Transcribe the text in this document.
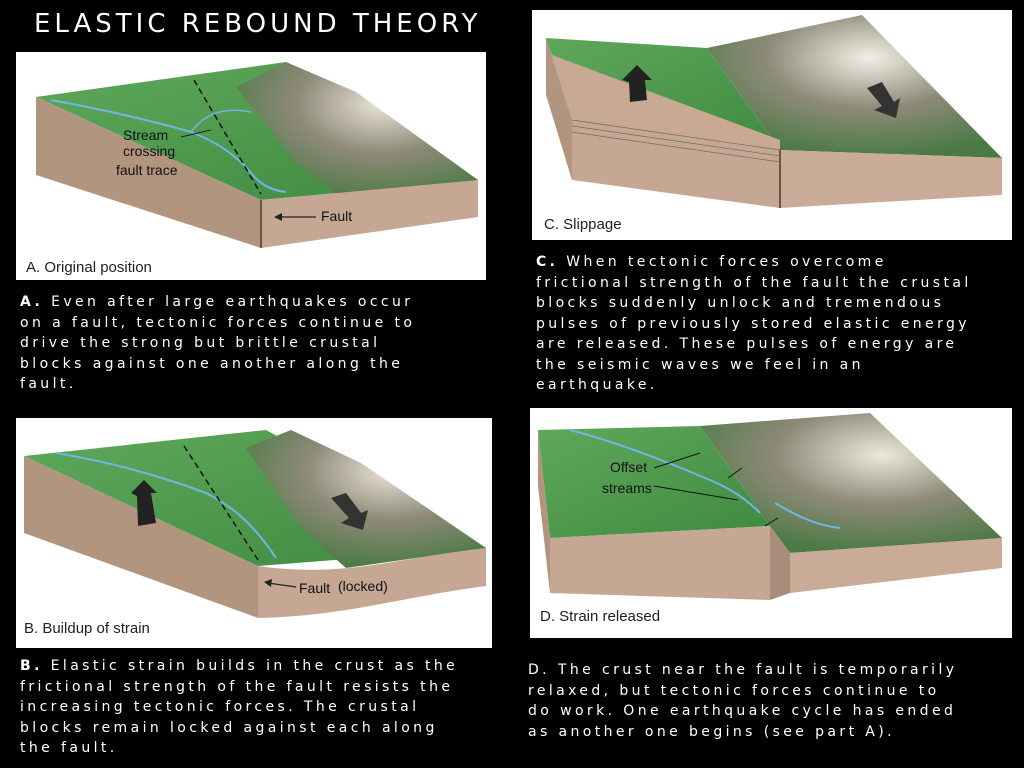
ELASTIC REBOUND THEORY
Stream
crossing
fault trace
Fault
A. Original position
A. Even after large earthquakes occur
on a fault, tectonic forces continue to
drive the strong but brittle crustal
blocks against one another along the
fault.
Fault (locked)
B. Buildup of strain
B. Elastic strain builds in the crust as the
frictional strength of the fault resists the
increasing tectonic forces. The crustal
blocks remain locked against each along
the fault.
C. Slippage
C. When tectonic forces overcome
frictional strength of the fault the crustal
blocks suddenly unlock and tremendous
pulses of previously stored elastic energy
are released. These pulses of energy are
the seismic waves we feel in an
earthquake.
Offset
streams
D. Strain released
D. The crust near the fault is temporarily
relaxed, but tectonic forces continue to
do work. One earthquake cycle has ended
as another one begins (see part A).
